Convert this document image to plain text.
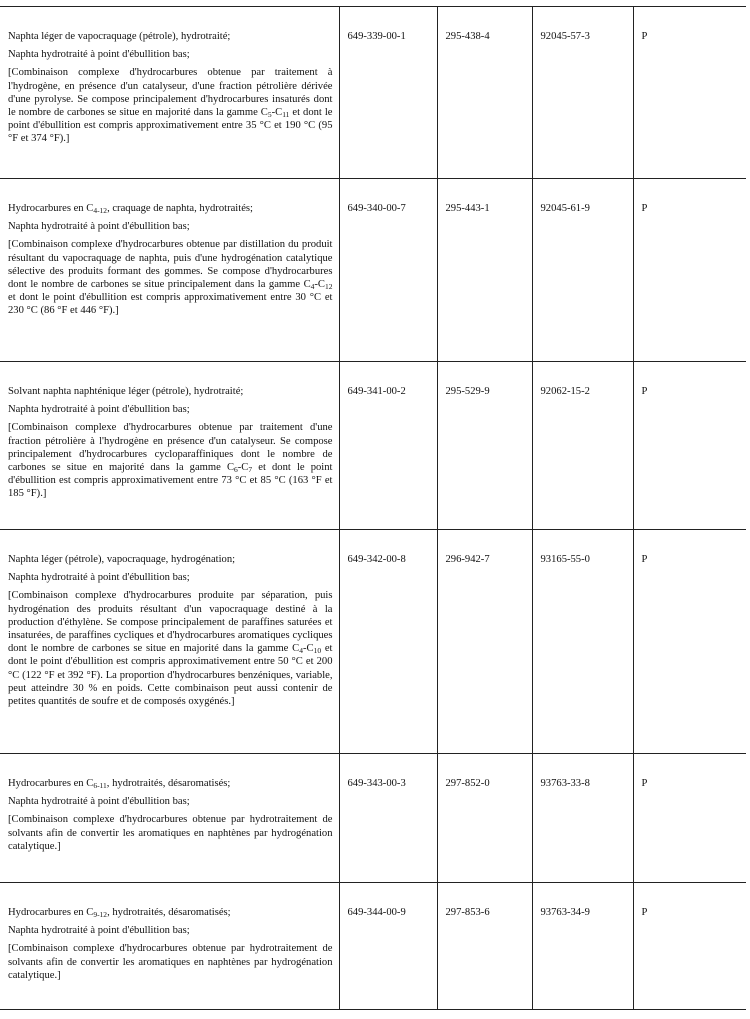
Naphta léger de vapocraquage (pétrole), hydrotraité;

Naphta hydrotraité à point d'ébullition bas;

[Combinaison complexe d'hydrocarbures obtenue par traitement à l'hydrogène, en présence d'un catalyseur, d'une fraction pétrolière dérivée d'une pyrolyse. Se compose principalement d'hydrocarbures insaturés dont le nombre de carbones se situe en majorité dans la gamme $C_5-C_{11}$ et dont le point d'ébullition est compris approximativement entre 35 °C et 190 °C (95 °F et 374 °F).]	649-339-00-1	295-438-4	92045-57-3	P

Hydrocarbures en $C_{4-12}$, craquage de naphta, hydrotraités;

Naphta hydrotraité à point d'ébullition bas;

[Combinaison complexe d'hydrocarbures obtenue par distillation du produit résultant du vapocraquage de naphta, puis d'une hydrogénation catalytique sélective des produits formant des gommes. Se compose d'hydrocarbures dont le nombre de carbones se situe principalement dans la gamme $C_4-C_{12}$ et dont le point d'ébullition est compris approximativement entre 30 °C et 230 °C (86 °F et 446 °F).]	649-340-00-7	295-443-1	92045-61-9	P

Solvant naphta naphténique léger (pétrole), hydrotraité;

Naphta hydrotraité à point d'ébullition bas;

[Combinaison complexe d'hydrocarbures obtenue par traitement d'une fraction pétrolière à l'hydrogène en présence d'un catalyseur. Se compose principalement d'hydrocarbures cycloparaffiniques dont le nombre de carbones se situe en majorité dans la gamme $C_6-C_7$ et dont le point d'ébullition est compris approximativement entre 73 °C et 85 °C (163 °F et 185 °F).]	649-341-00-2	295-529-9	92062-15-2	P

Naphta léger (pétrole), vapocraquage, hydrogénation;

Naphta hydrotraité à point d'ébullition bas;

[Combinaison complexe d'hydrocarbures produite par séparation, puis hydrogénation des produits résultant d'un vapocraquage destiné à la production d'éthylène. Se compose principalement de paraffines saturées et insaturées, de paraffines cycliques et d'hydrocarbures aromatiques cycliques dont le nombre de carbones se situe en majorité dans la gamme $C_4-C_{10}$ et dont le point d'ébullition est compris approximativement entre 50 °C et 200 °C (122 °F et 392 °F). La proportion d'hydrocarbures benzéniques, variable, peut atteindre 30 % en poids. Cette combinaison peut aussi contenir de petites quantités de soufre et de composés oxygénés.]	649-342-00-8	296-942-7	93165-55-0	P

Hydrocarbures en $C_{6-11}$, hydrotraités, désaromatisés;

Naphta hydrotraité à point d'ébullition bas;

[Combinaison complexe d'hydrocarbures obtenue par hydrotraitement de solvants afin de convertir les aromatiques en naphtènes par hydrogénation catalytique.]	649-343-00-3	297-852-0	93763-33-8	P

Hydrocarbures en $C_{9-12}$, hydrotraités, désaromatisés;

Naphta hydrotraité à point d'ébullition bas;

[Combinaison complexe d'hydrocarbures obtenue par hydrotraitement de solvants afin de convertir les aromatiques en naphtènes par hydrogénation catalytique.]	649-344-00-9	297-853-6	93763-34-9	P
